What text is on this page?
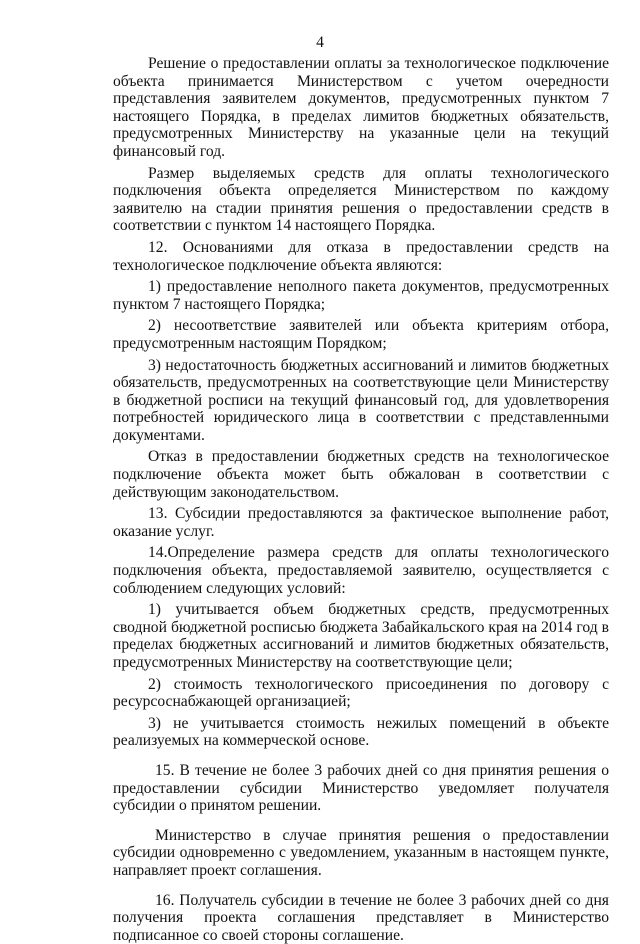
4

Решение о предоставлении оплаты за технологическое подключение объекта принимается Министерством с учетом очередности представления заявителем документов, предусмотренных пунктом 7 настоящего Порядка, в пределах лимитов бюджетных обязательств, предусмотренных Министерству на указанные цели на текущий финансовый год.

Размер выделяемых средств для оплаты технологического подключения объекта определяется Министерством по каждому заявителю на стадии принятия решения о предоставлении средств в соответствии с пунктом 14 настоящего Порядка.

12. Основаниями для отказа в предоставлении средств на технологическое подключение объекта являются:

1) предоставление неполного пакета документов, предусмотренных пунктом 7 настоящего Порядка;

2) несоответствие заявителей или объекта критериям отбора, предусмотренным настоящим Порядком;

3) недостаточность бюджетных ассигнований и лимитов бюджетных обязательств, предусмотренных на соответствующие цели Министерству в бюджетной росписи на текущий финансовый год, для удовлетворения потребностей юридического лица в соответствии с представленными документами.

Отказ в предоставлении бюджетных средств на технологическое подключение объекта может быть обжалован в соответствии с действующим законодательством.

13. Субсидии предоставляются за фактическое выполнение работ, оказание услуг.

14.Определение размера средств для оплаты технологического подключения объекта, предоставляемой заявителю, осуществляется с соблюдением следующих условий:

1) учитывается объем бюджетных средств, предусмотренных сводной бюджетной росписью бюджета Забайкальского края на 2014 год в пределах бюджетных ассигнований и лимитов бюджетных обязательств, предусмотренных Министерству на соответствующие цели;

2) стоимость технологического присоединения по договору с ресурсоснабжающей организацией;

3) не учитывается стоимость нежилых помещений в объекте реализуемых на коммерческой основе.

15. В течение не более 3 рабочих дней со дня принятия решения о предоставлении субсидии Министерство уведомляет получателя субсидии о принятом решении.

Министерство в случае принятия решения о предоставлении субсидии одновременно с уведомлением, указанным в настоящем пункте, направляет проект соглашения.

16. Получатель субсидии в течение не более 3 рабочих дней со дня получения проекта соглашения представляет в Министерство подписанное со своей стороны соглашение.
